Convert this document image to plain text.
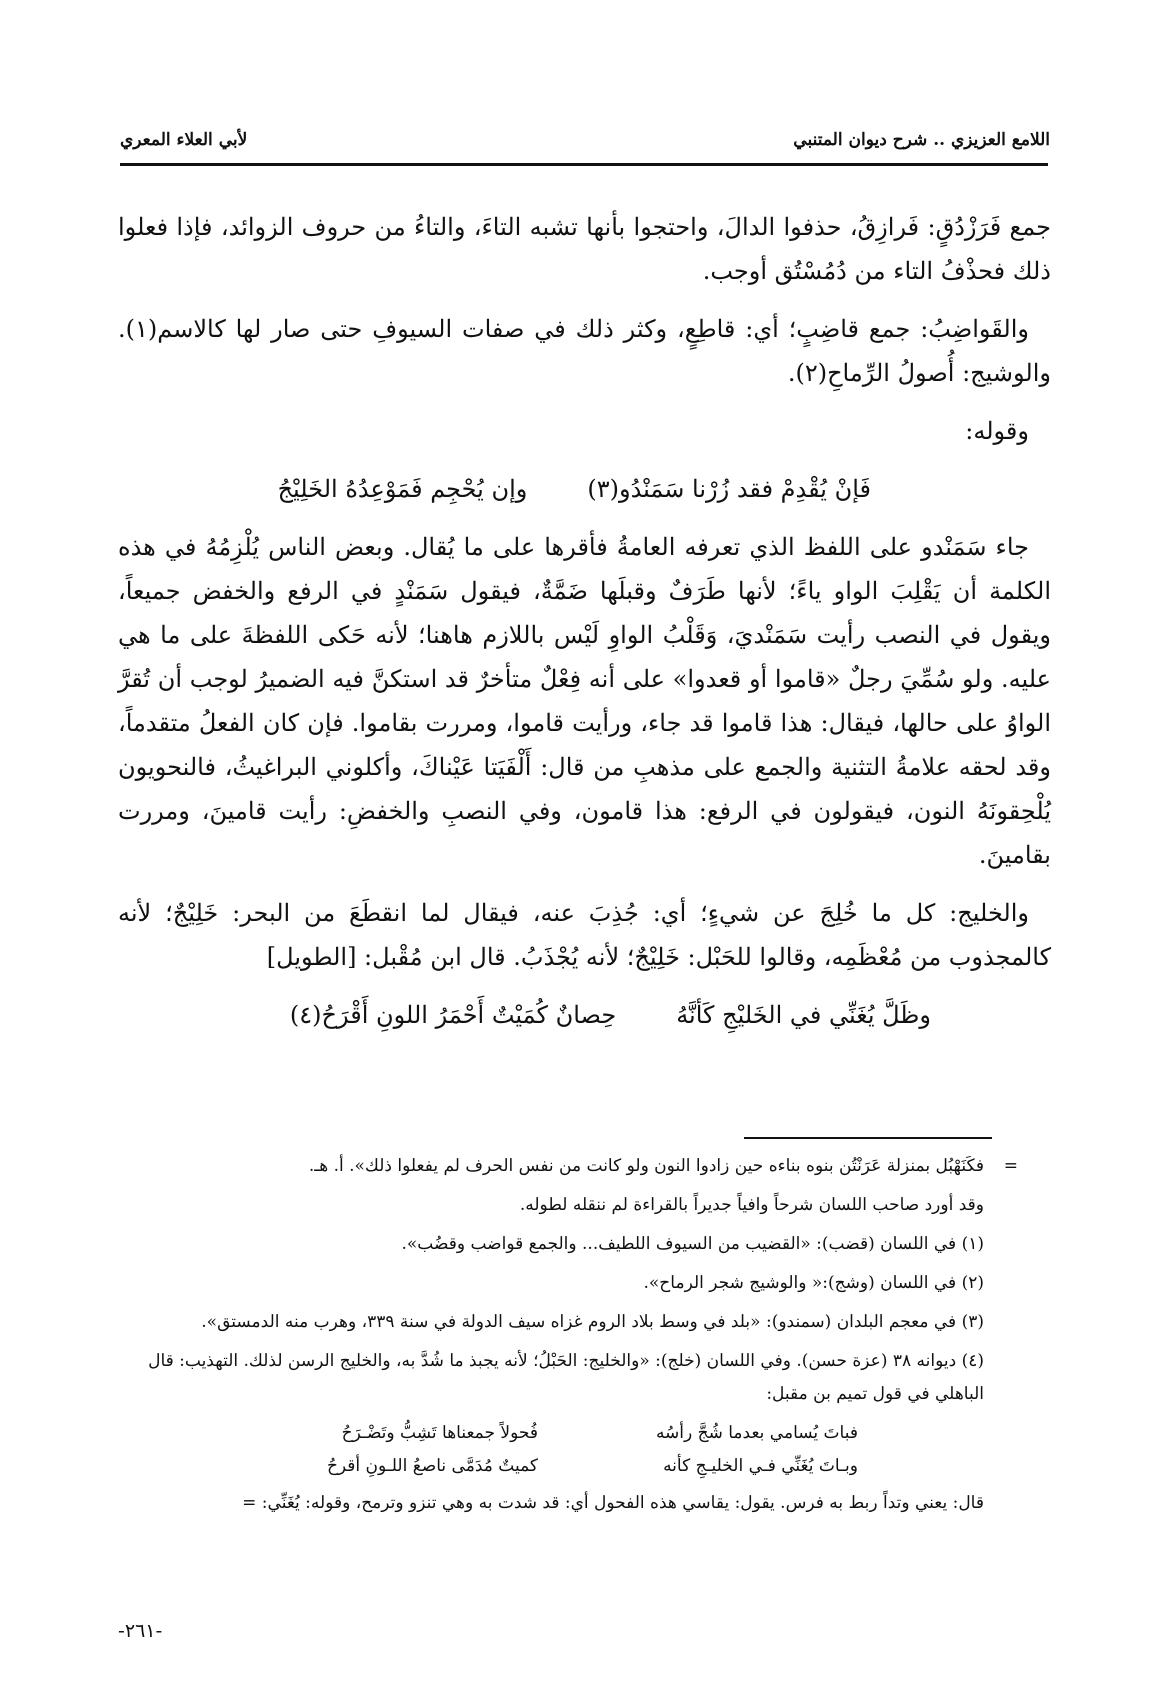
اللامع العزيزي .. شرح ديوان المتنبي
لأبي العلاء المعري

جمع فَرَزْدُقٍ: فَرازِقُ، حذفوا الدالَ، واحتجوا بأنها تشبه التاءَ، والتاءُ من حروف الزوائد، فإذا فعلوا ذلك فحذْفُ التاء من دُمُسْتُق أوجب.

والقَواضِبُ: جمع قاضِبٍ؛ أي: قاطِعٍ، وكثر ذلك في صفات السيوفِ حتى صار لها كالاسم(١). والوشيج: أُصولُ الرِّماحِ(٢).

وقوله:

فَإنْ يُقْدِمْ فقد زُرْنا سَمَنْدُو(٣)
وإن يُحْجِم فَمَوْعِدُهُ الخَلِيْجُ

جاء سَمَنْدو على اللفظ الذي تعرفه العامةُ فأقرها على ما يُقال. وبعض الناس يُلْزِمُهُ في هذه الكلمة أن يَقْلِبَ الواو ياءً؛ لأنها طَرَفٌ وقبلَها ضَمَّةٌ، فيقول سَمَنْدٍ في الرفع والخفض جميعاً، ويقول في النصب رأيت سَمَنْديَ، وَقَلْبُ الواوِ لَيْس باللازم هاهنا؛ لأنه حَكى اللفظةَ على ما هي عليه. ولو سُمِّيَ رجلٌ «قاموا أو قعدوا» على أنه فِعْلٌ متأخرٌ قد استكنَّ فيه الضميرُ لوجب أن تُقرَّ الواوُ على حالها، فيقال: هذا قاموا قد جاء، ورأيت قاموا، ومررت بقاموا. فإن كان الفعلُ متقدماً، وقد لحقه علامةُ التثنية والجمع على مذهبِ من قال: أَلْفَيَتا عَيْناكَ، وأكلوني البراغيثُ، فالنحويون يُلْحِقونَهُ النون، فيقولون في الرفع: هذا قامون، وفي النصبِ والخفضِ: رأيت قامينَ، ومررت بقامينَ.

والخليج: كل ما خُلِجَ عن شيءٍ؛ أي: جُذِبَ عنه، فيقال لما انقطَعَ من البحر: خَلِيْجٌ؛ لأنه كالمجذوب من مُعْظَمِه، وقالوا للحَبْل: خَلِيْجٌ؛ لأنه يُجْذَبُ. قال ابن مُقْبل: [الطويل]

وظَلَّ يُغَنِّي في الخَليْجِ كَأنَّهُ
حِصانٌ كُمَيْتٌ أَحْمَرُ اللونِ أَقْرَحُ(٤)

=فكَنَهْبُل بمنزلة عَرَنْتُن بنوه بناءه حين زادوا النون ولو كانت من نفس الحرف لم يفعلوا ذلك». أ. هـ.

وقد أورد صاحب اللسان شرحاً وافياً جديراً بالقراءة لم ننقله لطوله.

(١) في اللسان (قضب): «القضيب من السيوف اللطيف... والجمع قواضب وقضُب».

(٢) في اللسان (وشج):« والوشيج شجر الرماح».

(٣) في معجم البلدان (سمندو): «بلد في وسط بلاد الروم غزاه سيف الدولة في سنة ٣٣٩، وهرب منه الدمستق».

(٤) ديوانه ٣٨ (عزة حسن). وفي اللسان (خلج): «والخليج: الحَبْلُ؛ لأنه يجبذ ما شُدَّ به، والخليج الرسن لذلك. التهذيب: قال الباهلي في قول تميم بن مقبل:

فباتَ يُسامي بعدما شُجَّ رأسُه
فُحولاً جمعناها تَشِبُّ وتَضْـرَحُ
وبـاتَ يُغَنِّي فـي الخليـجِ كأنه
كميتٌ مُدَمَّى ناصعُ اللـونِ أقرحُ

قال: يعني وتداً ربط به فرس. يقول: يقاسي هذه الفحول أي: قد شدت به وهي تنزو وترمح، وقوله: يُغَنِّي: =

-٢٦١-
